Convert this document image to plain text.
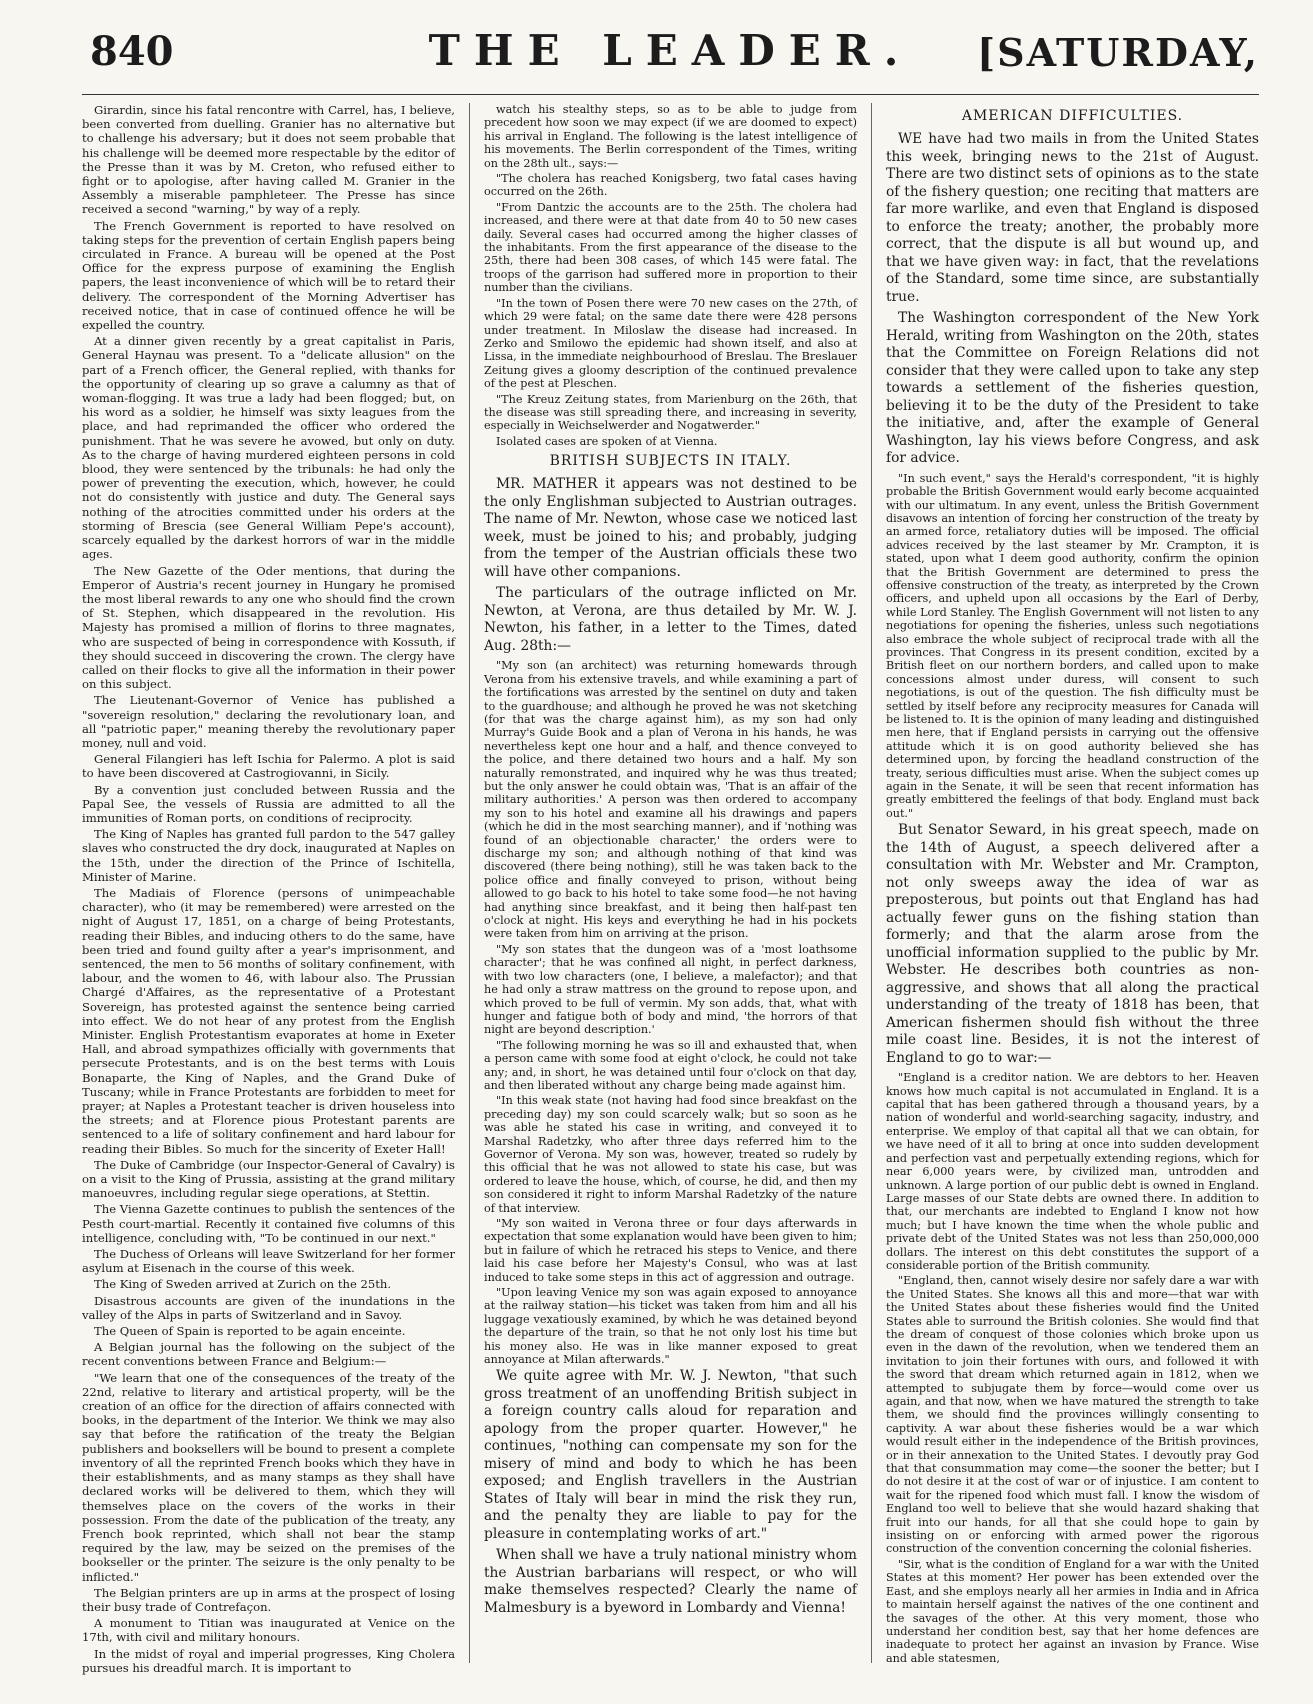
840	THE LEADER.	[SATURDAY,

Girardin, since his fatal rencontre with Carrel, has, I believe, been converted from duelling. Granier has no alternative but to challenge his adversary; but it does not seem probable that his challenge will be deemed more respectable by the editor of the Presse than it was by M. Creton, who refused either to fight or to apologise, after having called M. Granier in the Assembly a miserable pamphleteer. The Presse has since received a second "warning," by way of a reply.

The French Government is reported to have resolved on taking steps for the prevention of certain English papers being circulated in France. A bureau will be opened at the Post Office for the express purpose of examining the English papers, the least inconvenience of which will be to retard their delivery. The correspondent of the Morning Advertiser has received notice, that in case of continued offence he will be expelled the country.

At a dinner given recently by a great capitalist in Paris, General Haynau was present. To a "delicate allusion" on the part of a French officer, the General replied, with thanks for the opportunity of clearing up so grave a calumny as that of woman-flogging. It was true a lady had been flogged; but, on his word as a soldier, he himself was sixty leagues from the place, and had reprimanded the officer who ordered the punishment. That he was severe he avowed, but only on duty. As to the charge of having murdered eighteen persons in cold blood, they were sentenced by the tribunals: he had only the power of preventing the execution, which, however, he could not do consistently with justice and duty. The General says nothing of the atrocities committed under his orders at the storming of Brescia (see General William Pepe's account), scarcely equalled by the darkest horrors of war in the middle ages.

The New Gazette of the Oder mentions, that during the Emperor of Austria's recent journey in Hungary he promised the most liberal rewards to any one who should find the crown of St. Stephen, which disappeared in the revolution. His Majesty has promised a million of florins to three magnates, who are suspected of being in correspondence with Kossuth, if they should succeed in discovering the crown. The clergy have called on their flocks to give all the information in their power on this subject.

The Lieutenant-Governor of Venice has published a "sovereign resolution," declaring the revolutionary loan, and all "patriotic paper," meaning thereby the revolutionary paper money, null and void.

General Filangieri has left Ischia for Palermo. A plot is said to have been discovered at Castrogiovanni, in Sicily.

By a convention just concluded between Russia and the Papal See, the vessels of Russia are admitted to all the immunities of Roman ports, on conditions of reciprocity.

The King of Naples has granted full pardon to the 547 galley slaves who constructed the dry dock, inaugurated at Naples on the 15th, under the direction of the Prince of Ischitella, Minister of Marine.

The Madiais of Florence (persons of unimpeachable character), who (it may be remembered) were arrested on the night of August 17, 1851, on a charge of being Protestants, reading their Bibles, and inducing others to do the same, have been tried and found guilty after a year's imprisonment, and sentenced, the men to 56 months of solitary confinement, with labour, and the women to 46, with labour also. The Prussian Chargé d'Affaires, as the representative of a Protestant Sovereign, has protested against the sentence being carried into effect. We do not hear of any protest from the English Minister. English Protestantism evaporates at home in Exeter Hall, and abroad sympathizes officially with governments that persecute Protestants, and is on the best terms with Louis Bonaparte, the King of Naples, and the Grand Duke of Tuscany; while in France Protestants are forbidden to meet for prayer; at Naples a Protestant teacher is driven houseless into the streets; and at Florence pious Protestant parents are sentenced to a life of solitary confinement and hard labour for reading their Bibles. So much for the sincerity of Exeter Hall!

The Duke of Cambridge (our Inspector-General of Cavalry) is on a visit to the King of Prussia, assisting at the grand military manoeuvres, including regular siege operations, at Stettin.

The Vienna Gazette continues to publish the sentences of the Pesth court-martial. Recently it contained five columns of this intelligence, concluding with, "To be continued in our next."

The Duchess of Orleans will leave Switzerland for her former asylum at Eisenach in the course of this week.

The King of Sweden arrived at Zurich on the 25th.

Disastrous accounts are given of the inundations in the valley of the Alps in parts of Switzerland and in Savoy.

The Queen of Spain is reported to be again enceinte.

A Belgian journal has the following on the subject of the recent conventions between France and Belgium:—

"We learn that one of the consequences of the treaty of the 22nd, relative to literary and artistical property, will be the creation of an office for the direction of affairs connected with books, in the department of the Interior. We think we may also say that before the ratification of the treaty the Belgian publishers and booksellers will be bound to present a complete inventory of all the reprinted French books which they have in their establishments, and as many stamps as they shall have declared works will be delivered to them, which they will themselves place on the covers of the works in their possession. From the date of the publication of the treaty, any French book reprinted, which shall not bear the stamp required by the law, may be seized on the premises of the bookseller or the printer. The seizure is the only penalty to be inflicted."

The Belgian printers are up in arms at the prospect of losing their busy trade of Contrefaçon.

A monument to Titian was inaugurated at Venice on the 17th, with civil and military honours.

In the midst of royal and imperial progresses, King Cholera pursues his dreadful march. It is important to

watch his stealthy steps, so as to be able to judge from precedent how soon we may expect (if we are doomed to expect) his arrival in England. The following is the latest intelligence of his movements. The Berlin correspondent of the Times, writing on the 28th ult., says:—

"The cholera has reached Konigsberg, two fatal cases having occurred on the 26th.

"From Dantzic the accounts are to the 25th. The cholera had increased, and there were at that date from 40 to 50 new cases daily. Several cases had occurred among the higher classes of the inhabitants. From the first appearance of the disease to the 25th, there had been 308 cases, of which 145 were fatal. The troops of the garrison had suffered more in proportion to their number than the civilians.

"In the town of Posen there were 70 new cases on the 27th, of which 29 were fatal; on the same date there were 428 persons under treatment. In Miloslaw the disease had increased. In Zerko and Smilowo the epidemic had shown itself, and also at Lissa, in the immediate neighbourhood of Breslau. The Breslauer Zeitung gives a gloomy description of the continued prevalence of the pest at Pleschen.

"The Kreuz Zeitung states, from Marienburg on the 26th, that the disease was still spreading there, and increasing in severity, especially in Weichselwerder and Nogatwerder."

Isolated cases are spoken of at Vienna.

BRITISH SUBJECTS IN ITALY.

MR. MATHER it appears was not destined to be the only Englishman subjected to Austrian outrages. The name of Mr. Newton, whose case we noticed last week, must be joined to his; and probably, judging from the temper of the Austrian officials these two will have other companions.

The particulars of the outrage inflicted on Mr. Newton, at Verona, are thus detailed by Mr. W. J. Newton, his father, in a letter to the Times, dated Aug. 28th:—

"My son (an architect) was returning homewards through Verona from his extensive travels, and while examining a part of the fortifications was arrested by the sentinel on duty and taken to the guardhouse; and although he proved he was not sketching (for that was the charge against him), as my son had only Murray's Guide Book and a plan of Verona in his hands, he was nevertheless kept one hour and a half, and thence conveyed to the police, and there detained two hours and a half. My son naturally remonstrated, and inquired why he was thus treated; but the only answer he could obtain was, 'That is an affair of the military authorities.' A person was then ordered to accompany my son to his hotel and examine all his drawings and papers (which he did in the most searching manner), and if 'nothing was found of an objectionable character,' the orders were to discharge my son; and although nothing of that kind was discovered (there being nothing), still he was taken back to the police office and finally conveyed to prison, without being allowed to go back to his hotel to take some food—he not having had anything since breakfast, and it being then half-past ten o'clock at night. His keys and everything he had in his pockets were taken from him on arriving at the prison.

"My son states that the dungeon was of a 'most loathsome character'; that he was confined all night, in perfect darkness, with two low characters (one, I believe, a malefactor); and that he had only a straw mattress on the ground to repose upon, and which proved to be full of vermin. My son adds, that, what with hunger and fatigue both of body and mind, 'the horrors of that night are beyond description.'

"The following morning he was so ill and exhausted that, when a person came with some food at eight o'clock, he could not take any; and, in short, he was detained until four o'clock on that day, and then liberated without any charge being made against him.

"In this weak state (not having had food since breakfast on the preceding day) my son could scarcely walk; but so soon as he was able he stated his case in writing, and conveyed it to Marshal Radetzky, who after three days referred him to the Governor of Verona. My son was, however, treated so rudely by this official that he was not allowed to state his case, but was ordered to leave the house, which, of course, he did, and then my son considered it right to inform Marshal Radetzky of the nature of that interview.

"My son waited in Verona three or four days afterwards in expectation that some explanation would have been given to him; but in failure of which he retraced his steps to Venice, and there laid his case before her Majesty's Consul, who was at last induced to take some steps in this act of aggression and outrage.

"Upon leaving Venice my son was again exposed to annoyance at the railway station—his ticket was taken from him and all his luggage vexatiously examined, by which he was detained beyond the departure of the train, so that he not only lost his time but his money also. He was in like manner exposed to great annoyance at Milan afterwards."

We quite agree with Mr. W. J. Newton, "that such gross treatment of an unoffending British subject in a foreign country calls aloud for reparation and apology from the proper quarter. However," he continues, "nothing can compensate my son for the misery of mind and body to which he has been exposed; and English travellers in the Austrian States of Italy will bear in mind the risk they run, and the penalty they are liable to pay for the pleasure in contemplating works of art."

When shall we have a truly national ministry whom the Austrian barbarians will respect, or who will make themselves respected? Clearly the name of Malmesbury is a byeword in Lombardy and Vienna!

AMERICAN DIFFICULTIES.

WE have had two mails in from the United States this week, bringing news to the 21st of August. There are two distinct sets of opinions as to the state of the fishery question; one reciting that matters are far more warlike, and even that England is disposed to enforce the treaty; another, the probably more correct, that the dispute is all but wound up, and that we have given way: in fact, that the revelations of the Standard, some time since, are substantially true.

The Washington correspondent of the New York Herald, writing from Washington on the 20th, states that the Committee on Foreign Relations did not consider that they were called upon to take any step towards a settlement of the fisheries question, believing it to be the duty of the President to take the initiative, and, after the example of General Washington, lay his views before Congress, and ask for advice.

"In such event," says the Herald's correspondent, "it is highly probable the British Government would early become acquainted with our ultimatum. In any event, unless the British Government disavows an intention of forcing her construction of the treaty by an armed force, retaliatory duties will be imposed. The official advices received by the last steamer by Mr. Crampton, it is stated, upon what I deem good authority, confirm the opinion that the British Government are determined to press the offensive construction of the treaty, as interpreted by the Crown officers, and upheld upon all occasions by the Earl of Derby, while Lord Stanley. The English Government will not listen to any negotiations for opening the fisheries, unless such negotiations also embrace the whole subject of reciprocal trade with all the provinces. That Congress in its present condition, excited by a British fleet on our northern borders, and called upon to make concessions almost under duress, will consent to such negotiations, is out of the question. The fish difficulty must be settled by itself before any reciprocity measures for Canada will be listened to. It is the opinion of many leading and distinguished men here, that if England persists in carrying out the offensive attitude which it is on good authority believed she has determined upon, by forcing the headland construction of the treaty, serious difficulties must arise. When the subject comes up again in the Senate, it will be seen that recent information has greatly embittered the feelings of that body. England must back out."

But Senator Seward, in his great speech, made on the 14th of August, a speech delivered after a consultation with Mr. Webster and Mr. Crampton, not only sweeps away the idea of war as preposterous, but points out that England has had actually fewer guns on the fishing station than formerly; and that the alarm arose from the unofficial information supplied to the public by Mr. Webster. He describes both countries as non-aggressive, and shows that all along the practical understanding of the treaty of 1818 has been, that American fishermen should fish without the three mile coast line. Besides, it is not the interest of England to go to war:—

"England is a creditor nation. We are debtors to her. Heaven knows how much capital is not accumulated in England. It is a capital that has been gathered through a thousand years, by a nation of wonderful and world-searching sagacity, industry, and enterprise. We employ of that capital all that we can obtain, for we have need of it all to bring at once into sudden development and perfection vast and perpetually extending regions, which for near 6,000 years were, by civilized man, untrodden and unknown. A large portion of our public debt is owned in England. Large masses of our State debts are owned there. In addition to that, our merchants are indebted to England I know not how much; but I have known the time when the whole public and private debt of the United States was not less than 250,000,000 dollars. The interest on this debt constitutes the support of a considerable portion of the British community.

"England, then, cannot wisely desire nor safely dare a war with the United States. She knows all this and more—that war with the United States about these fisheries would find the United States able to surround the British colonies. She would find that the dream of conquest of those colonies which broke upon us even in the dawn of the revolution, when we tendered them an invitation to join their fortunes with ours, and followed it with the sword that dream which returned again in 1812, when we attempted to subjugate them by force—would come over us again, and that now, when we have matured the strength to take them, we should find the provinces willingly consenting to captivity. A war about these fisheries would be a war which would result either in the independence of the British provinces, or in their annexation to the United States. I devoutly pray God that that consummation may come—the sooner the better; but I do not desire it at the cost of war or of injustice. I am content to wait for the ripened food which must fall. I know the wisdom of England too well to believe that she would hazard shaking that fruit into our hands, for all that she could hope to gain by insisting on or enforcing with armed power the rigorous construction of the convention concerning the colonial fisheries.

"Sir, what is the condition of England for a war with the United States at this moment? Her power has been extended over the East, and she employs nearly all her armies in India and in Africa to maintain herself against the natives of the one continent and the savages of the other. At this very moment, those who understand her condition best, say that her home defences are inadequate to protect her against an invasion by France. Wise and able statesmen,
